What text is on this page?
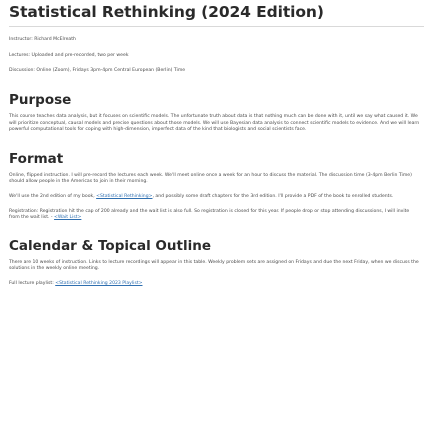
Statistical Rethinking (2024 Edition)

Instructor: Richard McElreath

Lectures: Uploaded and pre-recorded, two per week

Discussion: Online (Zoom), Fridays 3pm-4pm Central European (Berlin) Time

Purpose

This course teaches data analysis, but it focuses on scientific models. The unfortunate truth about data is that nothing much can be done with it, until we say what caused it. We will prioritize conceptual, causal models and precise questions about those models. We will use Bayesian data analysis to connect scientific models to evidence. And we will learn powerful computational tools for coping with high-dimension, imperfect data of the kind that biologists and social scientists face.

Format

Online, flipped instruction. I will pre-record the lectures each week. We'll meet online once a week for an hour to discuss the material. The discussion time (3-4pm Berlin Time) should allow people in the Americas to join in their morning.

We'll use the 2nd edition of my book, <Statistical Rethinking>, and possibly some draft chapters for the 3rd edition. I'll provide a PDF of the book to enrolled students.

Registration: Registration hit the cap of 200 already and the wait list is also full. So registration is closed for this year. If people drop or stop attending discussions, I will invite from the wait list. - <Wait List>

Calendar & Topical Outline

There are 10 weeks of instruction. Links to lecture recordings will appear in this table. Weekly problem sets are assigned on Fridays and due the next Friday, when we discuss the solutions in the weekly online meeting.

Full lecture playlist: <Statistical Rethinking 2023 Playlist>
